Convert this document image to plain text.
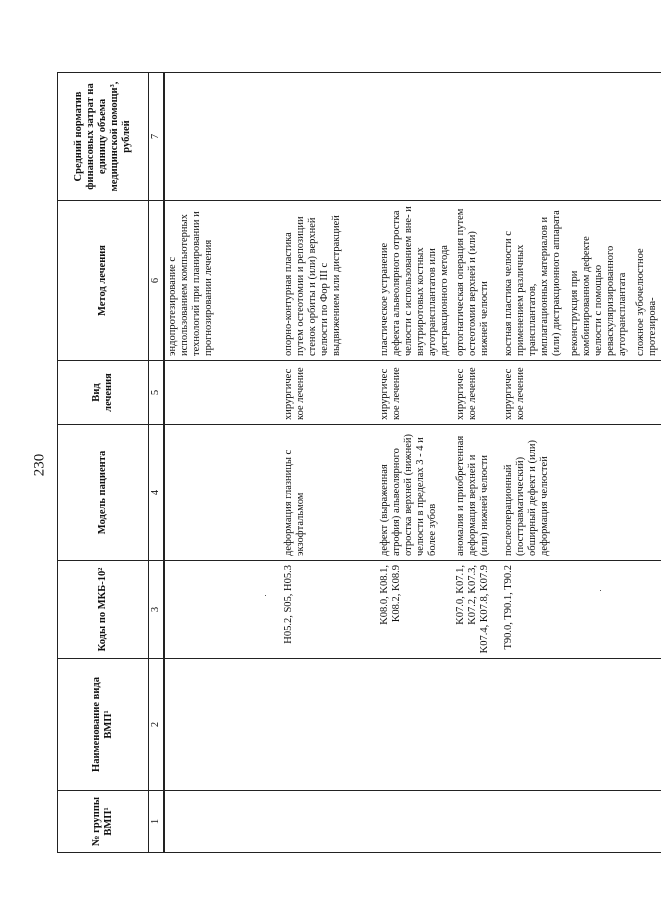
230
№ группы ВМП¹	Наименование вида ВМП¹	Коды по МКБ-10²	Модель пациента	Вид лечения	Метод лечения	Средний норматив финансовых затрат на единицу объема медицинской помощи³, рублей
1	2	3	4	5	6	7
					эндопротезирование с использованием компьютерных технологий при планировании и прогнозировании лечения	
		H05.2, S05, H05.3	деформация глазницы с экзофтальмом	хирургическое лечение	опорно-контурная пластика путем остеотомии и репозиции стенок орбиты и (или) верхней челюсти по Фор III с выдвижением или дистракцией	
		K08.0, K08.1, K08.2, K08.9	дефект (выраженная атрофия) альвеолярного отростка верхней (нижней) челюсти в пределах 3 - 4 и более зубов	хирургическое лечение	пластическое устранение дефекта альвеолярного отростка челюсти с использованием вне- и внутриротовых костных аутотрансплантатов или дистракционного метода	
		K07.0, K07.1, K07.2, K07.3, K07.4, K07.8, K07.9	аномалия и приобретенная деформация верхней и (или) нижней челюсти	хирургическое лечение	ортогнатическая операция путем остеотомии верхней и (или) нижней челюсти	
		T90.0, T90.1, T90.2	послеоперационный (посттравматический) обширный дефект и (или) деформация челюстей	хирургическое лечение	костная пластика челюсти с применением различных трансплантатов, имплатационных материалов и (или) дистракционного аппарата	
					реконструкция при комбинированном дефекте челюсти с помощью реваскуляризированного аутотрансплантата	
					сложное зубочелюстное протезирова-	
